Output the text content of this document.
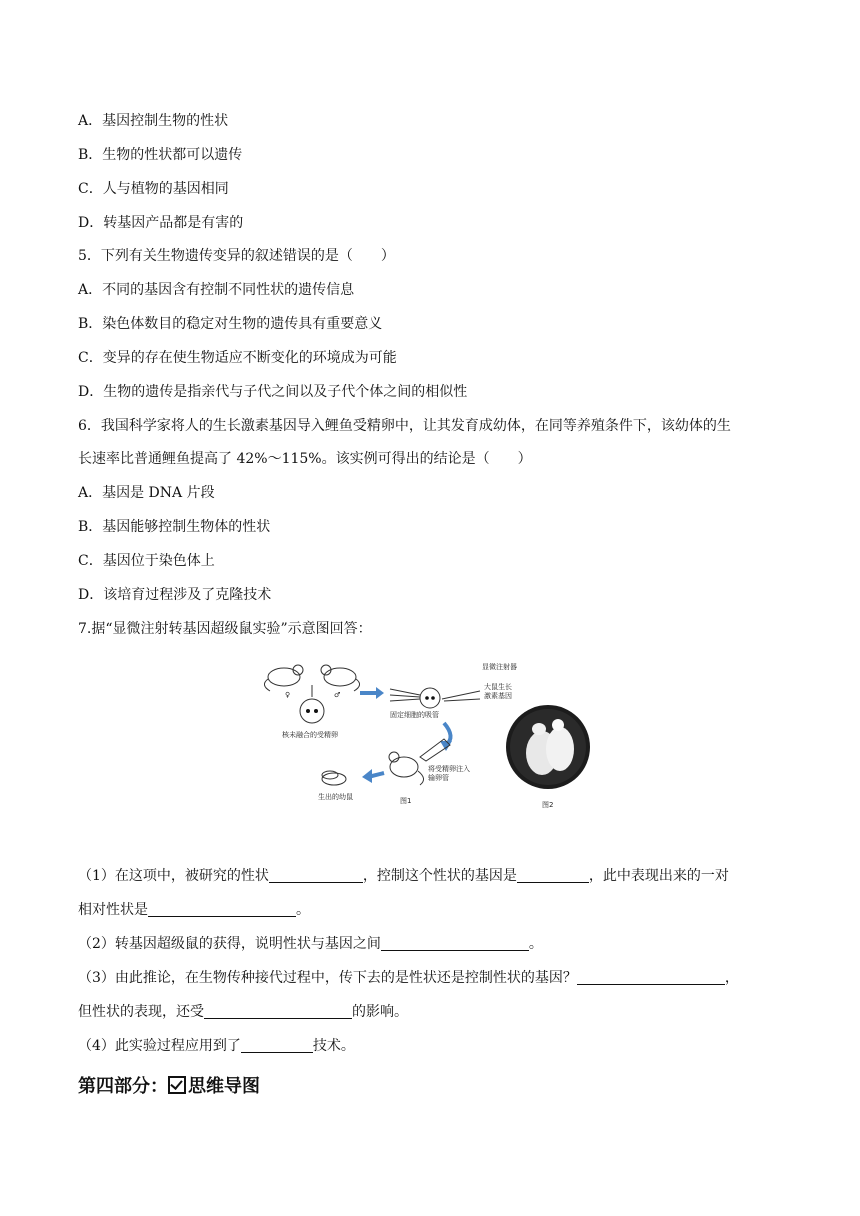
A．基因控制生物的性状
B．生物的性状都可以遗传
C．人与植物的基因相同
D．转基因产品都是有害的
5．下列有关生物遗传变异的叙述错误的是（　　）
A．不同的基因含有控制不同性状的遗传信息
B．染色体数目的稳定对生物的遗传具有重要意义
C．变异的存在使生物适应不断变化的环境成为可能
D．生物的遗传是指亲代与子代之间以及子代个体之间的相似性
6．我国科学家将人的生长激素基因导入鲤鱼受精卵中，让其发育成幼体，在同等养殖条件下，该幼体的生
长速率比普通鲤鱼提高了 42%～115%。该实例可得出的结论是（　　）
A．基因是 DNA 片段
B．基因能够控制生物体的性状
C．基因位于染色体上
D．该培育过程涉及了克隆技术
7.据“显微注射转基因超级鼠实验”示意图回答：
♀	♂
核未融合的受精卵
显微注射器
大鼠生长
激素基因
固定细胞的吸管
将受精卵注入
输卵管
图1
生出的幼鼠
图2
（1）在这项中，被研究的性状	，控制这个性状的基因是	，此中表现出来的一对
相对性状是	。
（2）转基因超级鼠的获得，说明性状与基因之间	。
（3）由此推论，在生物传种接代过程中，传下去的是性状还是控制性状的基因？	，
但性状的表现，还受	的影响。
（4）此实验过程应用到了	技术。
第四部分： 思维导图
